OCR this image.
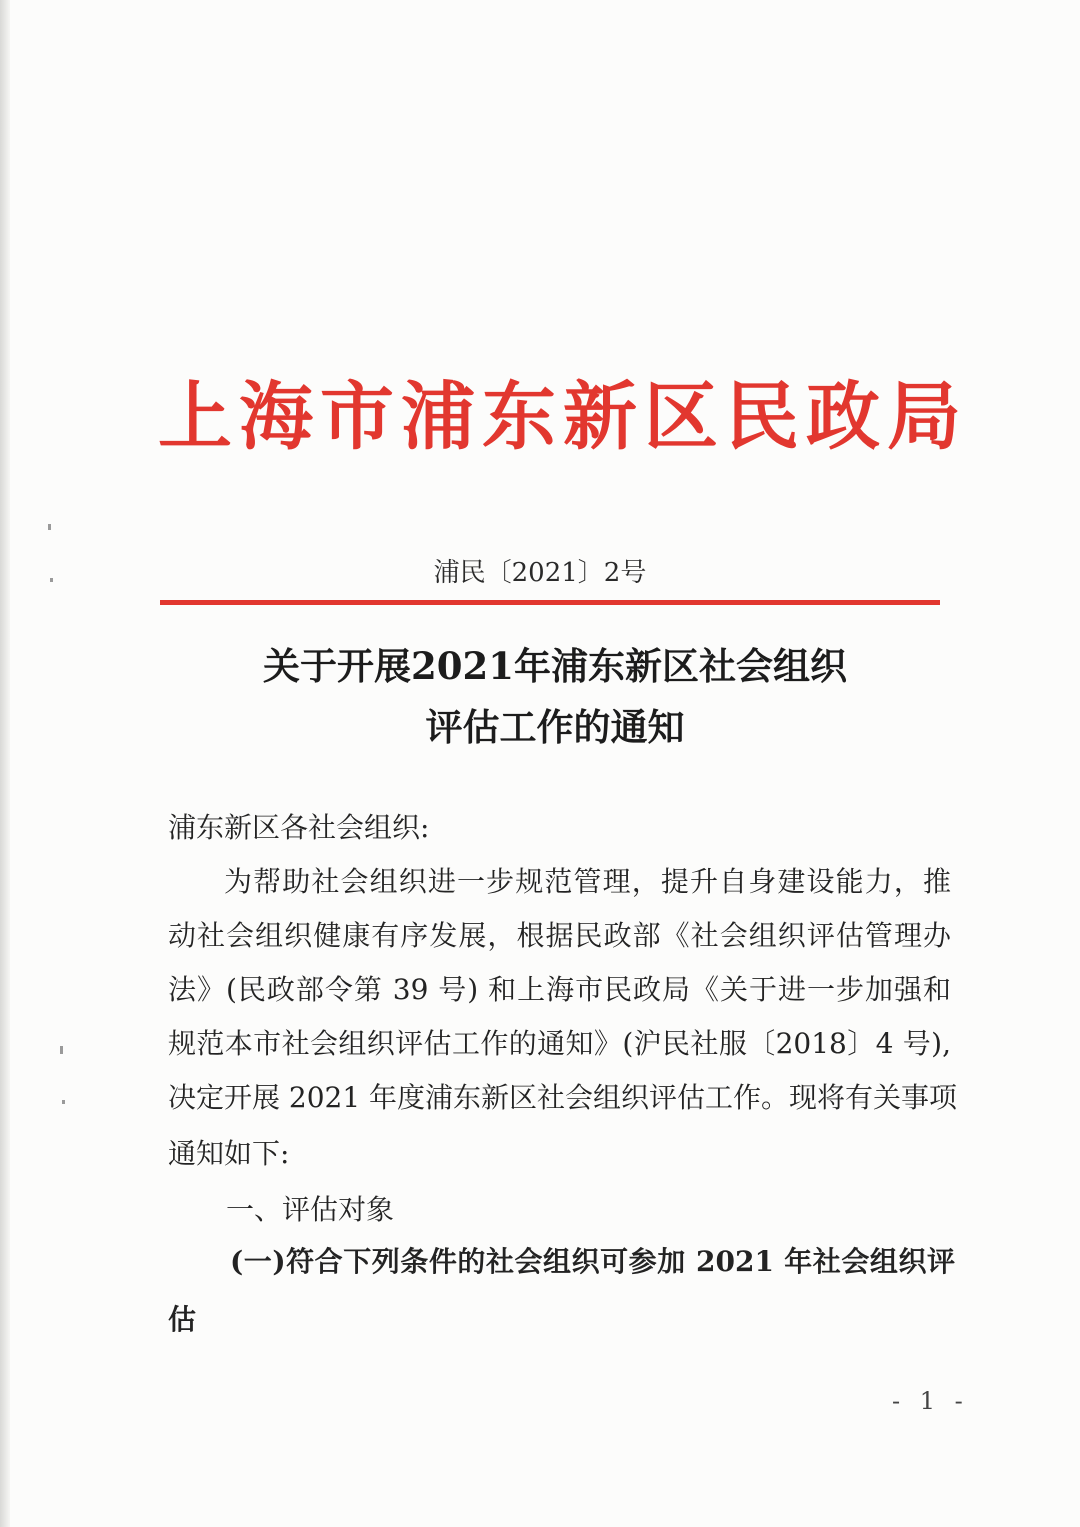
上海市浦东新区民政局
浦民〔2021〕2号
关于开展2021年浦东新区社会组织
评估工作的通知
浦东新区各社会组织:
为帮助社会组织进一步规范管理，提升自身建设能力，推
动社会组织健康有序发展，根据民政部《社会组织评估管理办
法》(民政部令第 39 号) 和上海市民政局《关于进一步加强和
规范本市社会组织评估工作的通知》(沪民社服〔2018〕4 号),
决定开展 2021 年度浦东新区社会组织评估工作。现将有关事项
通知如下:
一、评估对象
(一)符合下列条件的社会组织可参加 2021 年社会组织评
估
- 1 -
